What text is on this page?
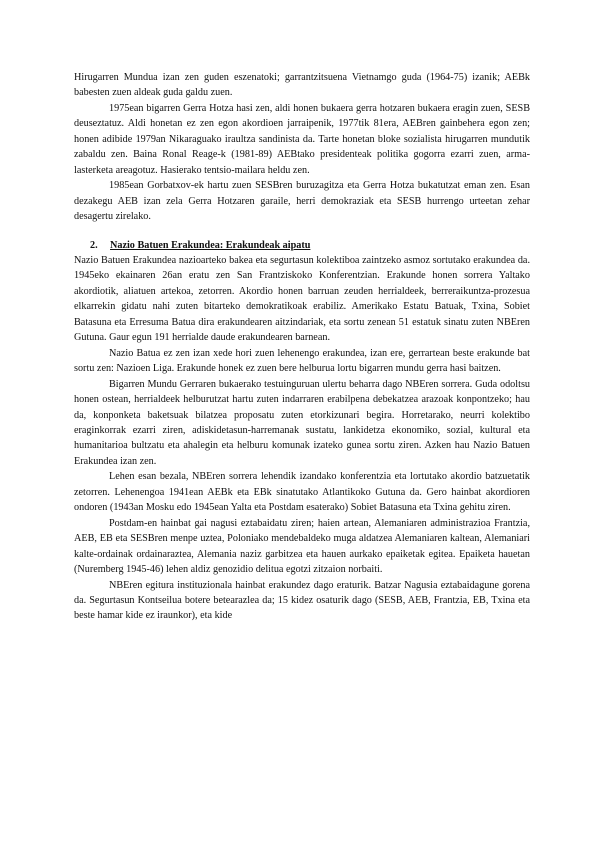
Hirugarren Mundua izan zen guden eszenatoki; garrantzitsuena Vietnamgo guda (1964-75) izanik; AEBk babesten zuen aldeak guda galdu zuen.

1975ean bigarren Gerra Hotza hasi zen, aldi honen bukaera gerra hotzaren bukaera eragin zuen, SESB deuseztatuz. Aldi honetan ez zen egon akordioen jarraipenik, 1977tik 81era, AEBren gainbehera egon zen; honen adibide 1979an Nikaraguako iraultza sandinista da. Tarte honetan bloke sozialista hirugarren mundutik zabaldu zen. Baina Ronal Reage-k (1981-89) AEBtako presidenteak politika gogorra ezarri zuen, arma-lasterketa areagotuz. Hasierako tentsio-mailara heldu zen.

1985ean Gorbatxov-ek hartu zuen SESBren buruzagitza eta Gerra Hotza bukatutzat eman zen. Esan dezakegu AEB izan zela Gerra Hotzaren garaile, herri demokraziak eta SESB hurrengo urteetan zehar desagertu zirelako.

2. Nazio Batuen Erakundea: Erakundeak aipatu

Nazio Batuen Erakundea nazioarteko bakea eta segurtasun kolektiboa zaintzeko asmoz sortutako erakundea da. 1945eko ekainaren 26an eratu zen San Frantziskoko Konferentzian. Erakunde honen sorrera Yaltako akordiotik, aliatuen artekoa, zetorren. Akordio honen barruan zeuden herrialdeek, berreraikuntza-prozesua elkarrekin gidatu nahi zuten bitarteko demokratikoak erabiliz. Amerikako Estatu Batuak, Txina, Sobiet Batasuna eta Erresuma Batua dira erakundearen aitzindariak, eta sortu zenean 51 estatuk sinatu zuten NBEren Gutuna. Gaur egun 191 herrialde daude erakundearen barnean.

Nazio Batua ez zen izan xede hori zuen lehenengo erakundea, izan ere, gerrartean beste erakunde bat sortu zen: Nazioen Liga. Erakunde honek ez zuen bere helburua lortu bigarren mundu gerra hasi baitzen.

Bigarren Mundu Gerraren bukaerako testuinguruan ulertu beharra dago NBEren sorrera. Guda odoltsu honen ostean, herrialdeek helburutzat hartu zuten indarraren erabilpena debekatzea arazoak konpontzeko; hau da, konponketa baketsuak bilatzea proposatu zuten etorkizunari begira. Horretarako, neurri kolektibo eraginkorrak ezarri ziren, adiskidetasun-harremanak sustatu, lankidetza ekonomiko, sozial, kultural eta humanitarioa bultzatu eta ahalegin eta helburu komunak izateko gunea sortu ziren. Azken hau Nazio Batuen Erakundea izan zen.

Lehen esan bezala, NBEren sorrera lehendik izandako konferentzia eta lortutako akordio batzuetatik zetorren. Lehenengoa 1941ean AEBk eta EBk sinatutako Atlantikoko Gutuna da. Gero hainbat akordioren ondoren (1943an Mosku edo 1945ean Yalta eta Postdam esaterako) Sobiet Batasuna eta Txina gehitu ziren.

Postdam-en hainbat gai nagusi eztabaidatu ziren; haien artean, Alemaniaren administrazioa Frantzia, AEB, EB eta SESBren menpe uztea, Poloniako mendebaldeko muga aldatzea Alemaniaren kaltean, Alemaniari kalte-ordainak ordainaraztea, Alemania naziz garbitzea eta hauen aurkako epaiketak egitea. Epaiketa hauetan (Nuremberg 1945-46) lehen aldiz genozidio delitua egotzi zitzaion norbaiti.

NBEren egitura instituzionala hainbat erakundez dago eraturik. Batzar Nagusia eztabaidagune gorena da. Segurtasun Kontseilua botere betearazlea da; 15 kidez osaturik dago (SESB, AEB, Frantzia, EB, Txina eta beste hamar kide ez iraunkor), eta kide
